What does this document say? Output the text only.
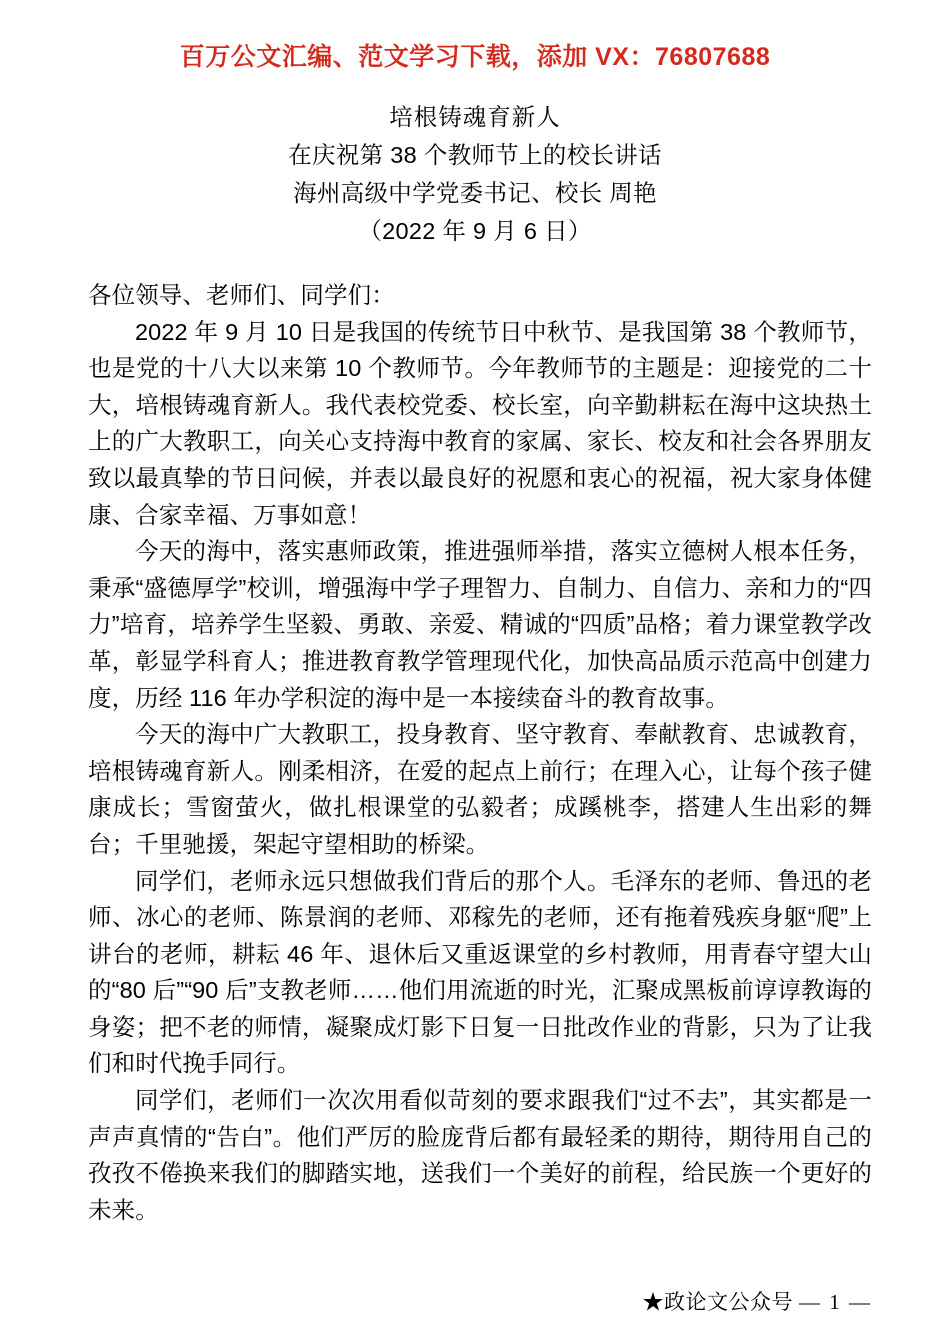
百万公文汇编、范文学习下载，添加 VX：76807688
培根铸魂育新人
在庆祝第 38 个教师节上的校长讲话
海州高级中学党委书记、校长 周艳
（2022 年 9 月 6 日）

各位领导、老师们、同学们：

2022 年 9 月 10 日是我国的传统节日中秋节、是我国第 38 个教师节，也是党的十八大以来第 10 个教师节。今年教师节的主题是：迎接党的二十大，培根铸魂育新人。我代表校党委、校长室，向辛勤耕耘在海中这块热土上的广大教职工，向关心支持海中教育的家属、家长、校友和社会各界朋友致以最真挚的节日问候，并表以最良好的祝愿和衷心的祝福，祝大家身体健康、合家幸福、万事如意！

今天的海中，落实惠师政策，推进强师举措，落实立德树人根本任务，秉承“盛德厚学”校训，增强海中学子理智力、自制力、自信力、亲和力的“四力”培育，培养学生坚毅、勇敢、亲爱、精诚的“四质”品格；着力课堂教学改革，彰显学科育人；推进教育教学管理现代化，加快高品质示范高中创建力度，历经 116 年办学积淀的海中是一本接续奋斗的教育故事。

今天的海中广大教职工，投身教育、坚守教育、奉献教育、忠诚教育，培根铸魂育新人。刚柔相济，在爱的起点上前行；在理入心，让每个孩子健康成长；雪窗萤火，做扎根课堂的弘毅者；成蹊桃李，搭建人生出彩的舞台；千里驰援，架起守望相助的桥梁。

同学们，老师永远只想做我们背后的那个人。毛泽东的老师、鲁迅的老师、冰心的老师、陈景润的老师、邓稼先的老师，还有拖着残疾身躯“爬”上讲台的老师，耕耘 46 年、退休后又重返课堂的乡村教师，用青春守望大山的“80 后”“90 后”支教老师……他们用流逝的时光，汇聚成黑板前谆谆教诲的身姿；把不老的师情，凝聚成灯影下日复一日批改作业的背影，只为了让我们和时代挽手同行。

同学们，老师们一次次用看似苛刻的要求跟我们“过不去”，其实都是一声声真情的“告白”。他们严厉的脸庞背后都有最轻柔的期待，期待用自己的孜孜不倦换来我们的脚踏实地，送我们一个美好的前程，给民族一个更好的未来。

★政论文公众号 — 1 —
